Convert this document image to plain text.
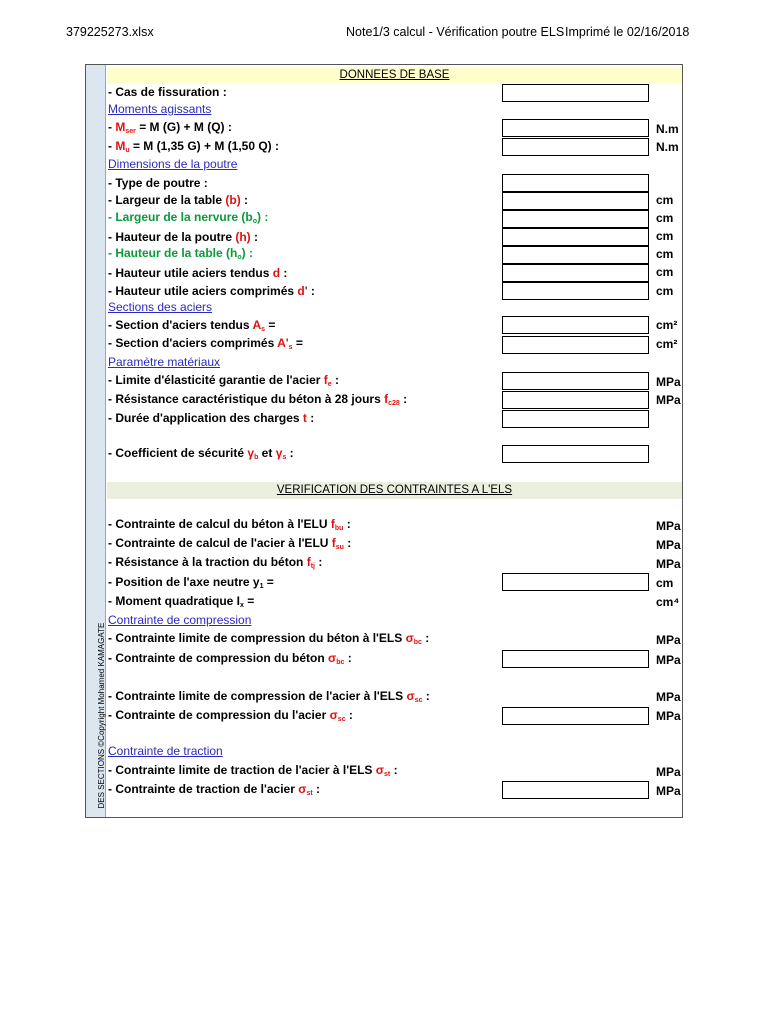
379225273.xlsx	Note1/3 calcul - Vérification poutre ELS Imprimé le 02/16/2018
DES SECTIONS ©Copyright Mohamed KAMAGATE
DONNEES DE BASE
VERIFICATION DES CONTRAINTES A L'ELS
- Cas de fissuration :
Moments agissants
- $M_{ser} = M$ (G) + M (Q) :	N.m
- $M_u = M$ (1,35 G) + M (1,50 Q) :	N.m
Dimensions de la poutre
- Type de poutre :
- Largeur de la table (b) :	cm
- Largeur de la nervure $(b_o)$ :	cm
- Hauteur de la poutre (h) :	cm
- Hauteur de la table $(h_o)$ :	cm
- Hauteur utile aciers tendus d :	cm
- Hauteur utile aciers comprimés d' :	cm
Sections des aciers
- Section d'aciers tendus $A_s$ =	cm²
- Section d'aciers comprimés $A'_s$ =	cm²
Paramètre matériaux
- Limite d'élasticité garantie de l'acier $f_e$ :	MPa
- Résistance caractéristique du béton à 28 jours $f_{c28}$ :	MPa
- Durée d'application des charges t :
- Coefficient de sécurité $\gamma_b$ et $\gamma_s$ :
- Contrainte de calcul du béton à l'ELU $f_{bu}$ :	MPa
- Contrainte de calcul de l'acier à l'ELU $f_{su}$ :	MPa
- Résistance à la traction du béton $f_{tj}$ :	MPa
- Position de l'axe neutre $y_1$ =	cm
- Moment quadratique $I_x$ =	cm⁴
Contrainte de compression
- Contrainte limite de compression du béton à l'ELS $\sigma_{bc}$ :	MPa
- Contrainte de compression du béton $\sigma_{bc}$ :	MPa
- Contrainte limite de compression de l'acier à l'ELS $\sigma_{sc}$ :	MPa
- Contrainte de compression du l'acier $\sigma_{sc}$ :	MPa
Contrainte de traction
- Contrainte limite de traction de l'acier à l'ELS $\sigma_{st}$ :	MPa
- Contrainte de traction de l'acier $\sigma_{st}$ :	MPa
